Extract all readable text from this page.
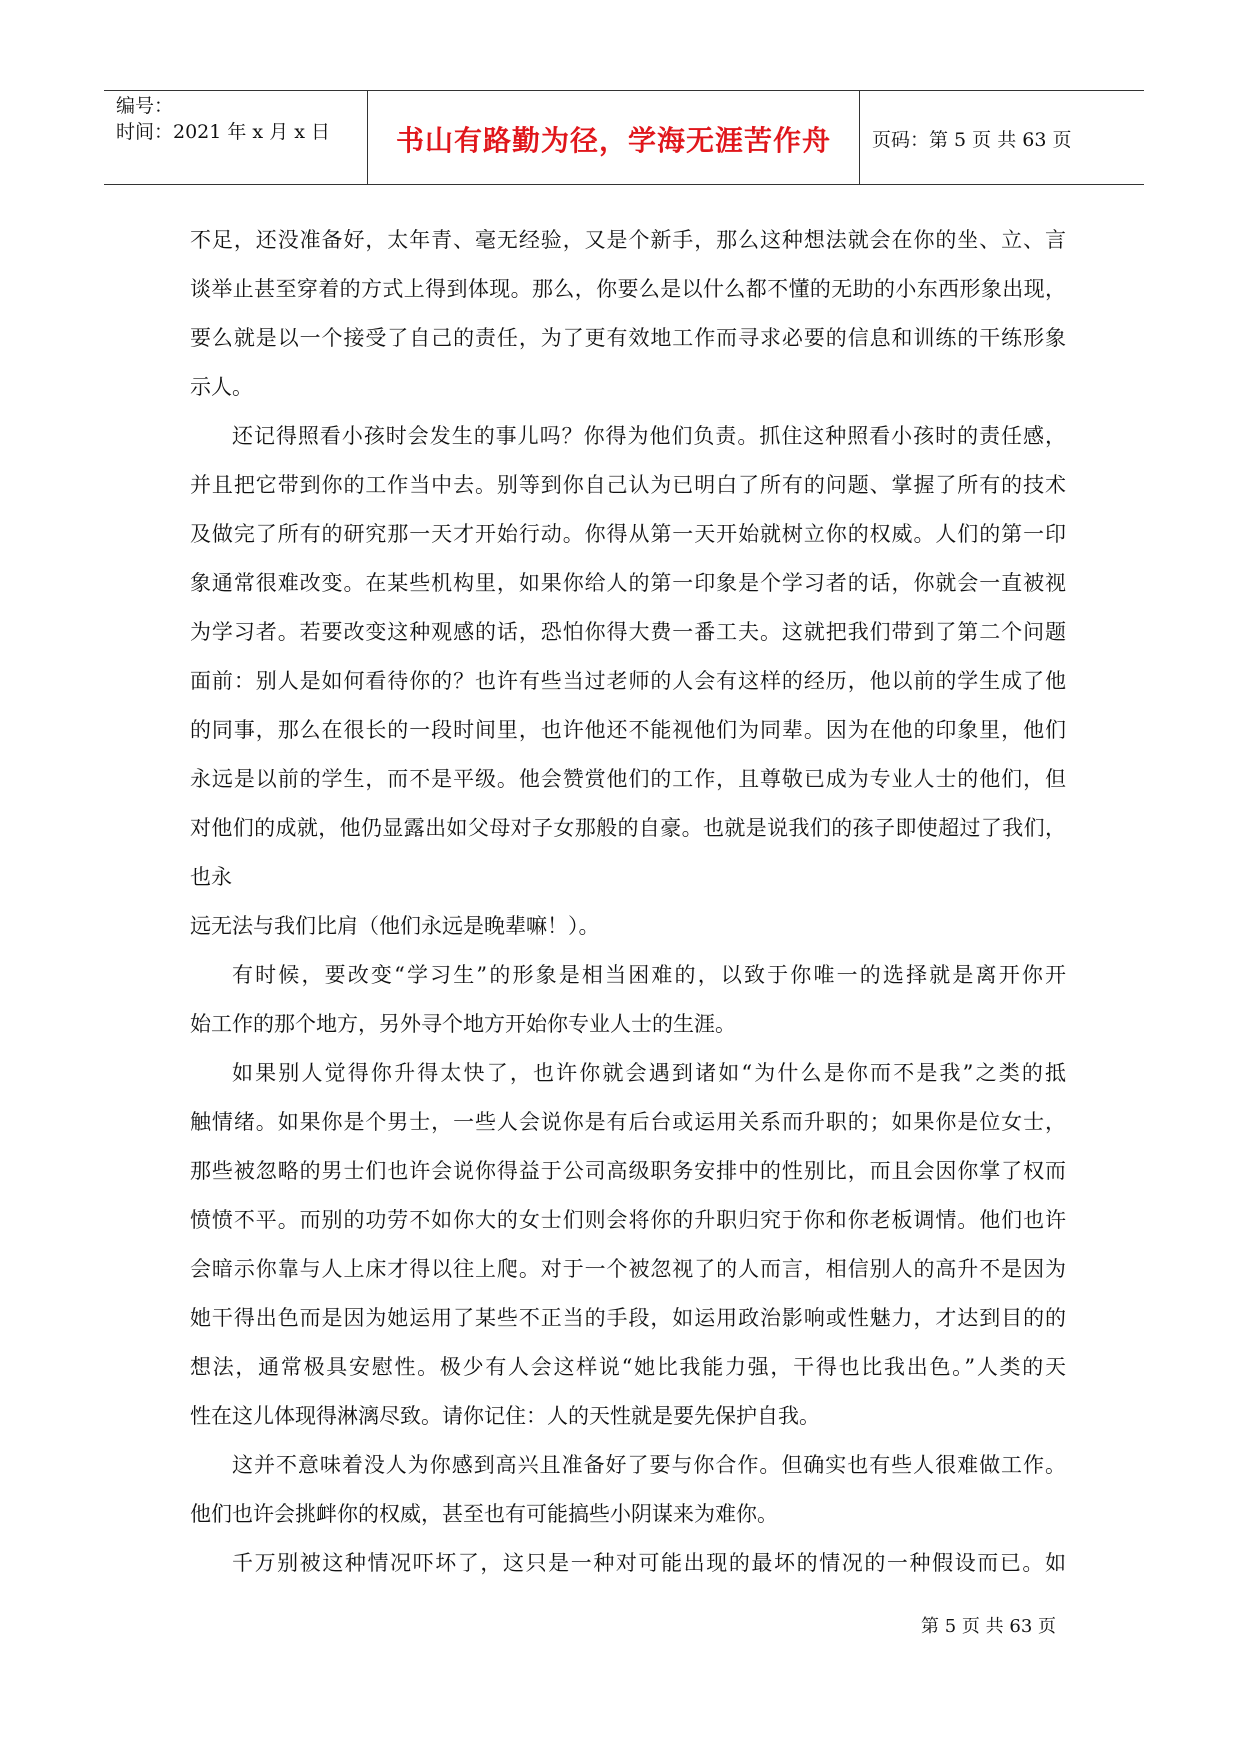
编号：
时间：2021 年 x 月 x 日	书山有路勤为径，学海无涯苦作舟	页码：第 5 页 共 63 页
不足，还没准备好，太年青、毫无经验，又是个新手，那么这种想法就会在你的坐、立、言
谈举止甚至穿着的方式上得到体现。那么，你要么是以什么都不懂的无助的小东西形象出现，
要么就是以一个接受了自己的责任，为了更有效地工作而寻求必要的信息和训练的干练形象
示人。
还记得照看小孩时会发生的事儿吗？你得为他们负责。抓住这种照看小孩时的责任感，
并且把它带到你的工作当中去。别等到你自己认为已明白了所有的问题、掌握了所有的技术
及做完了所有的研究那一天才开始行动。你得从第一天开始就树立你的权威。人们的第一印
象通常很难改变。在某些机构里，如果你给人的第一印象是个学习者的话，你就会一直被视
为学习者。若要改变这种观感的话，恐怕你得大费一番工夫。这就把我们带到了第二个问题
面前：别人是如何看待你的？也许有些当过老师的人会有这样的经历，他以前的学生成了他
的同事，那么在很长的一段时间里，也许他还不能视他们为同辈。因为在他的印象里，他们
永远是以前的学生，而不是平级。他会赞赏他们的工作，且尊敬已成为专业人士的他们，但
对他们的成就，他仍显露出如父母对子女那般的自豪。也就是说我们的孩子即使超过了我们，
也永
远无法与我们比肩（他们永远是晚辈嘛！）。
有时候，要改变“学习生”的形象是相当困难的，以致于你唯一的选择就是离开你开
始工作的那个地方，另外寻个地方开始你专业人士的生涯。
如果别人觉得你升得太快了，也许你就会遇到诸如“为什么是你而不是我”之类的抵
触情绪。如果你是个男士，一些人会说你是有后台或运用关系而升职的；如果你是位女士，
那些被忽略的男士们也许会说你得益于公司高级职务安排中的性别比，而且会因你掌了权而
愤愤不平。而别的功劳不如你大的女士们则会将你的升职归究于你和你老板调情。他们也许
会暗示你靠与人上床才得以往上爬。对于一个被忽视了的人而言，相信别人的高升不是因为
她干得出色而是因为她运用了某些不正当的手段，如运用政治影响或性魅力，才达到目的的
想法，通常极具安慰性。极少有人会这样说“她比我能力强，干得也比我出色。”人类的天
性在这儿体现得淋漓尽致。请你记住：人的天性就是要先保护自我。
这并不意味着没人为你感到高兴且准备好了要与你合作。但确实也有些人很难做工作。
他们也许会挑衅你的权威，甚至也有可能搞些小阴谋来为难你。
千万别被这种情况吓坏了，这只是一种对可能出现的最坏的情况的一种假设而已。如
第 5 页 共 63 页
